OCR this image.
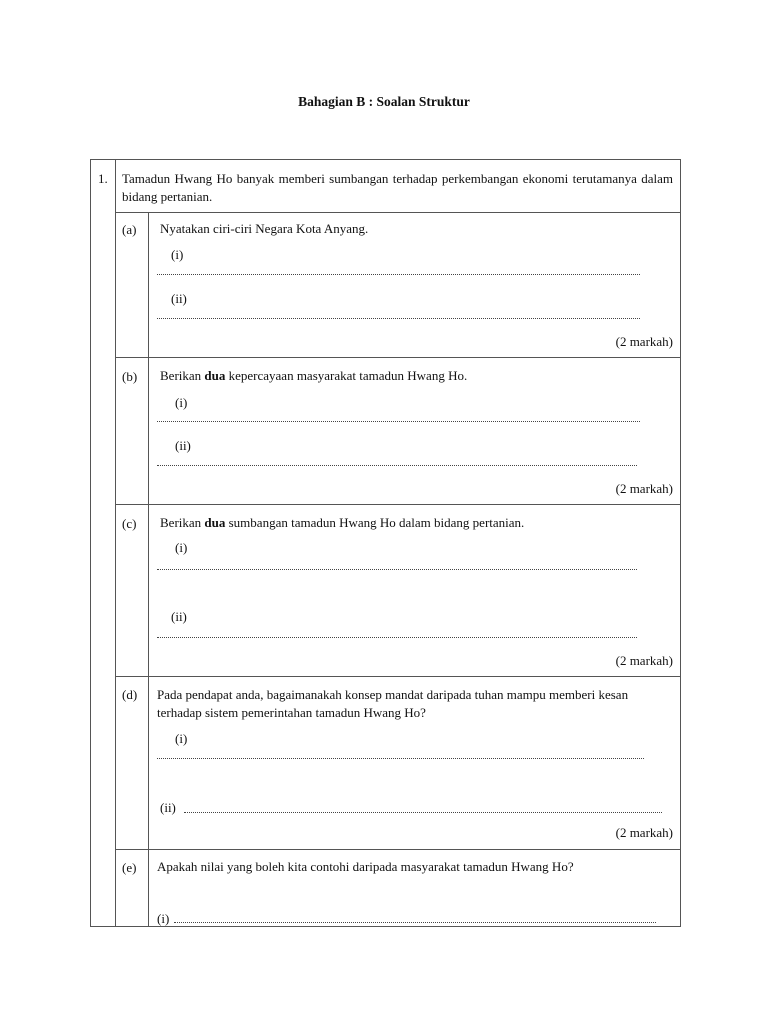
Bahagian B : Soalan Struktur
1. Tamadun Hwang Ho banyak memberi sumbangan terhadap perkembangan ekonomi terutamanya dalam bidang pertanian.
(a) Nyatakan ciri-ciri Negara Kota Anyang.
(i)
(ii)
(2 markah)
(b) Berikan dua kepercayaan masyarakat tamadun Hwang Ho.
(i)
(ii)
(2 markah)
(c) Berikan dua sumbangan tamadun Hwang Ho dalam bidang pertanian.
(i)
(ii)
(2 markah)
(d) Pada pendapat anda, bagaimanakah konsep mandat daripada tuhan mampu memberi kesan terhadap sistem pemerintahan tamadun Hwang Ho?
(i)
(ii)
(2 markah)
(e) Apakah nilai yang boleh kita contohi daripada masyarakat tamadun Hwang Ho?
(i)
